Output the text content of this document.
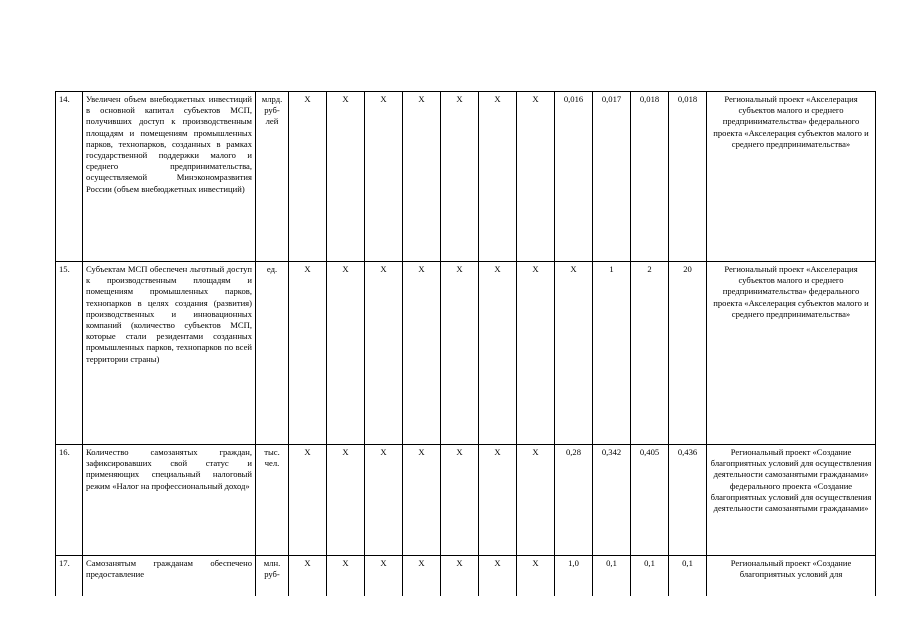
14.	Увеличен объем внебюджетных инвестиций в основной капитал субъектов МСП, получивших доступ к производственным площадям и помещениям промышленных парков, технопарков, созданных в рамках государственной поддержки малого и среднего предпринимательства, осуществляемой Минэкономразвития России (объем внебюджетных инвестиций)	млрд. руб-лей	X	X	X	X	X	X	X	0,016	0,017	0,018	0,018	Региональный проект «Акселерация субъектов малого и среднего предпринимательства» федерального проекта «Акселерация субъектов малого и среднего предпринимательства»
15.	Субъектам МСП обеспечен льготный доступ к производственным площадям и помещениям промышленных парков, технопарков в целях создания (развития) производственных и инновационных компаний (количество субъектов МСП, которые стали резидентами созданных промышленных парков, технопарков по всей территории страны)	ед.	X	X	X	X	X	X	X	X	1	2	20	Региональный проект «Акселерация субъектов малого и среднего предпринимательства» федерального проекта «Акселерация субъектов малого и среднего предпринимательства»
16.	Количество самозанятых граждан, зафиксировавших свой статус и применяющих специальный налоговый режим «Налог на профессиональный доход»	тыс. чел.	X	X	X	X	X	X	X	0,28	0,342	0,405	0,436	Региональный проект «Создание благоприятных условий для осуществления деятельности самозанятыми гражданами» федерального проекта «Создание благоприятных условий для осуществления деятельности самозанятыми гражданами»
17.	Самозанятым гражданам обеспечено предоставление	млн. руб-	X	X	X	X	X	X	X	1,0	0,1	0,1	0,1	Региональный проект «Создание благоприятных условий для
